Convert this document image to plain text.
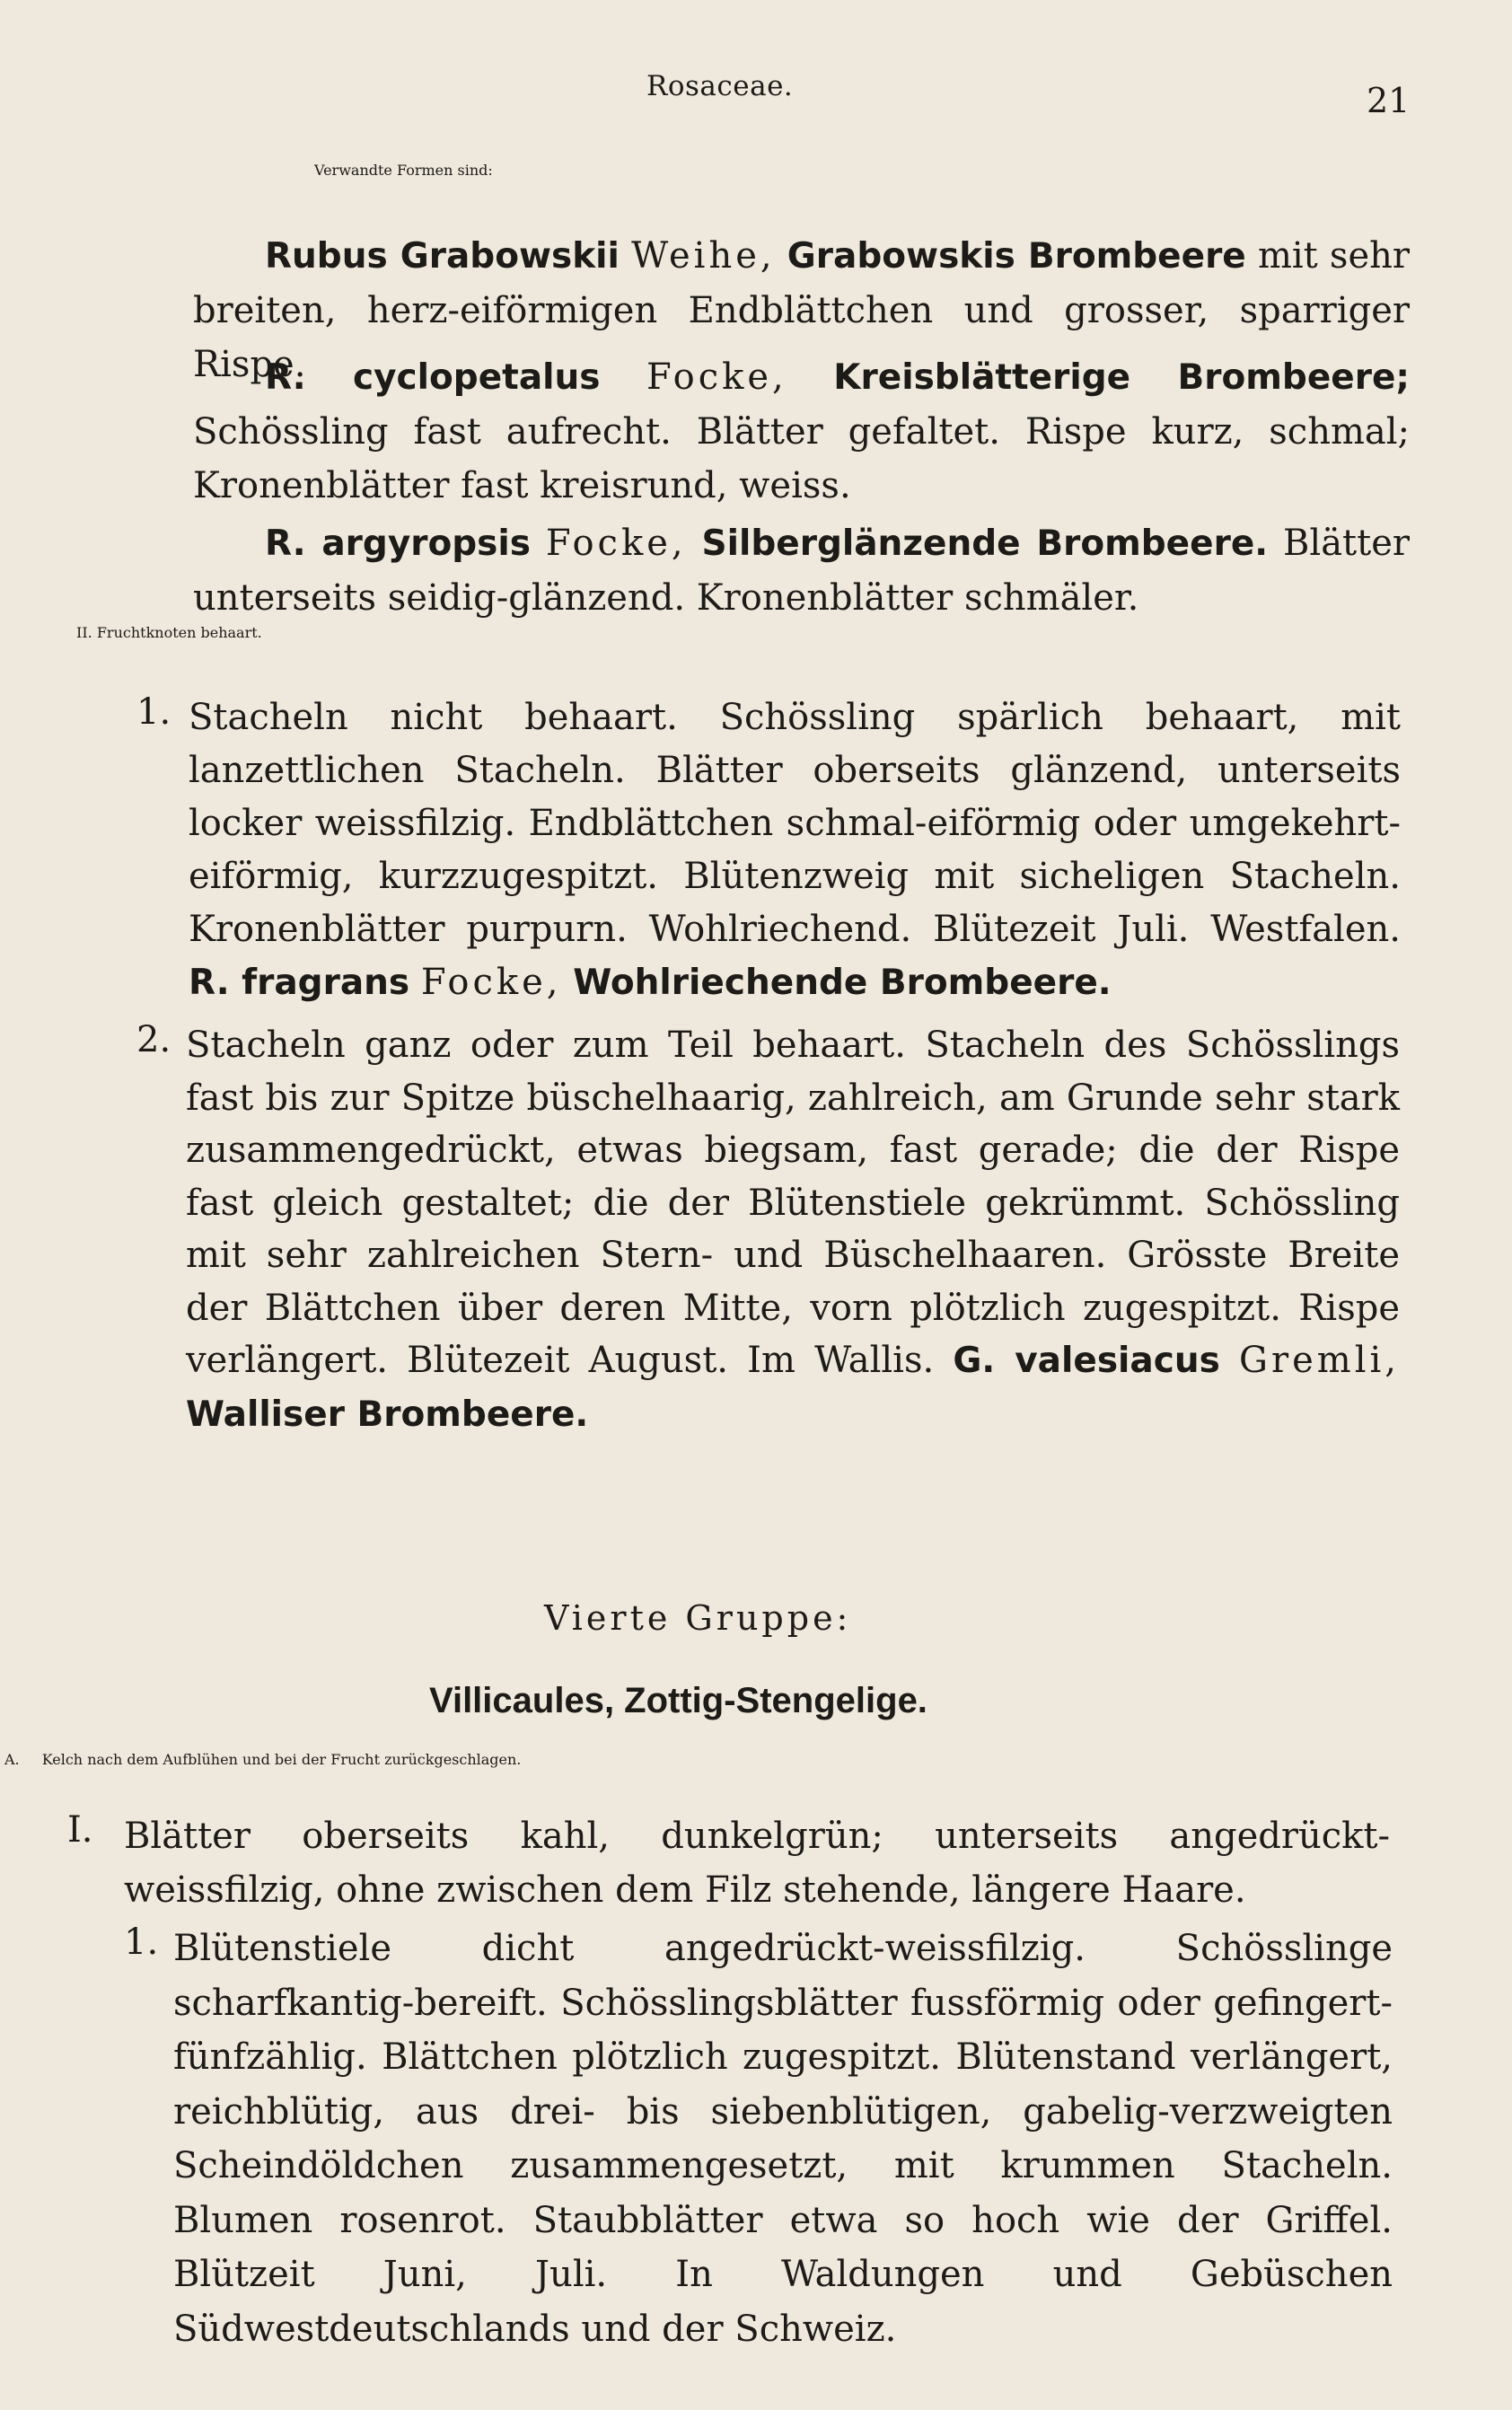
Rosaceae.	21

Verwandte Formen sind:

Rubus Grabowskii Weihe, Grabowskis Brombeere mit sehr breiten, herz-eiförmigen Endblättchen und grosser, sparriger Rispe.

R. cyclopetalus Focke, Kreisblätterige Brombeere; Schössling fast aufrecht. Blätter gefaltet. Rispe kurz, schmal; Kronenblätter fast kreisrund, weiss.

R. argyropsis Focke, Silberglänzende Brombeere. Blätter unterseits seidig-glänzend. Kronenblätter schmäler.

II. Fruchtknoten behaart.

1. Stacheln nicht behaart. Schössling spärlich behaart, mit lanzettlichen Stacheln. Blätter oberseits glänzend, unterseits locker weissfilzig. Endblättchen schmal-eiförmig oder umgekehrt-eiförmig, kurzzugespitzt. Blütenzweig mit sicheligen Stacheln. Kronenblätter purpurn. Wohlriechend. Blütezeit Juli. Westfalen. R. fragrans Focke, Wohlriechende Brombeere.

2. Stacheln ganz oder zum Teil behaart. Stacheln des Schösslings fast bis zur Spitze büschelhaarig, zahlreich, am Grunde sehr stark zusammengedrückt, etwas biegsam, fast gerade; die der Rispe fast gleich gestaltet; die der Blütenstiele gekrümmt. Schössling mit sehr zahlreichen Stern- und Büschelhaaren. Grösste Breite der Blättchen über deren Mitte, vorn plötzlich zugespitzt. Rispe verlängert. Blütezeit August. Im Wallis. G. valesiacus Gremli, Walliser Brombeere.

Vierte Gruppe:
Villicaules, Zottig-Stengelige.

A. Kelch nach dem Aufblühen und bei der Frucht zurückgeschlagen.

I. Blätter oberseits kahl, dunkelgrün; unterseits angedrückt-weissfilzig, ohne zwischen dem Filz stehende, längere Haare.

1. Blütenstiele dicht angedrückt-weissfilzig. Schösslinge scharfkantig-bereift. Schösslingsblätter fussförmig oder gefingert-fünfzählig. Blättchen plötzlich zugespitzt. Blütenstand verlängert, reichblütig, aus drei- bis siebenblütigen, gabelig-verzweigten Scheindöldchen zusammengesetzt, mit krummen Stacheln. Blumen rosenrot. Staubblätter etwa so hoch wie der Griffel. Blützeit Juni, Juli. In Waldungen und Gebüschen Südwestdeutschlands und der Schweiz.
